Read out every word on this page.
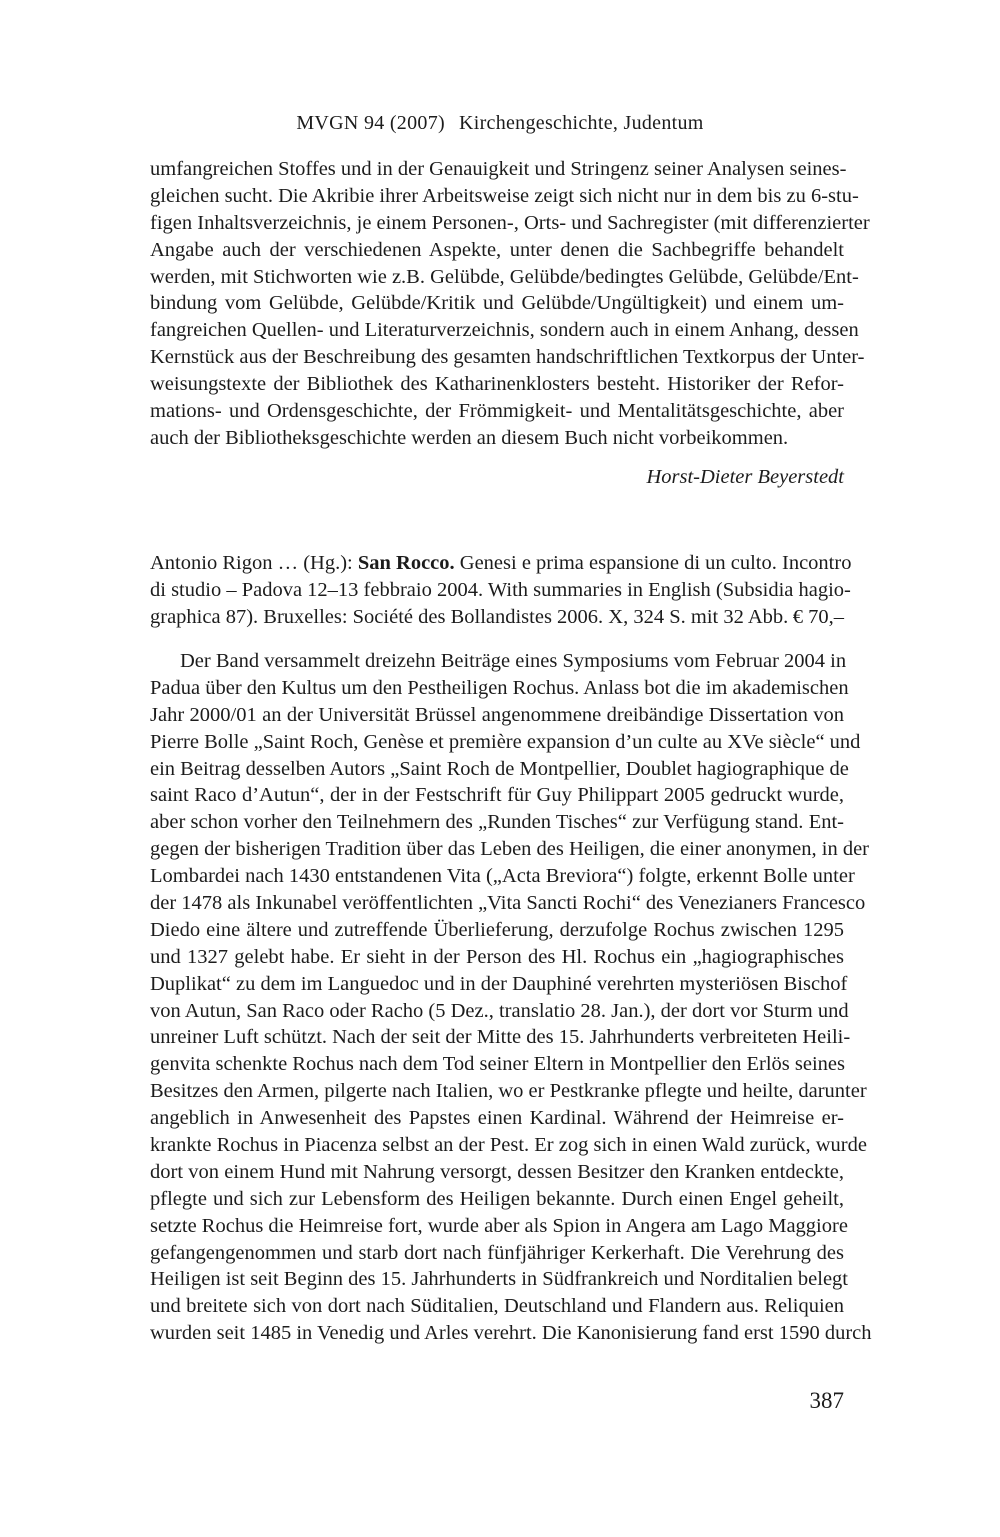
MVGN 94 (2007) Kirchengeschichte, Judentum
umfangreichen Stoffes und in der Genauigkeit und Stringenz seiner Analysen seines-
gleichen sucht. Die Akribie ihrer Arbeitsweise zeigt sich nicht nur in dem bis zu 6-stu-
figen Inhaltsverzeichnis, je einem Personen-, Orts- und Sachregister (mit differenzierter
Angabe auch der verschiedenen Aspekte, unter denen die Sachbegriffe behandelt
werden, mit Stichworten wie z.B. Gelübde, Gelübde/bedingtes Gelübde, Gelübde/Ent-
bindung vom Gelübde, Gelübde/Kritik und Gelübde/Ungültigkeit) und einem um-
fangreichen Quellen- und Literaturverzeichnis, sondern auch in einem Anhang, dessen
Kernstück aus der Beschreibung des gesamten handschriftlichen Textkorpus der Unter-
weisungstexte der Bibliothek des Katharinenklosters besteht. Historiker der Refor-
mations- und Ordensgeschichte, der Frömmigkeit- und Mentalitätsgeschichte, aber
auch der Bibliotheksgeschichte werden an diesem Buch nicht vorbeikommen.
Horst-Dieter Beyerstedt
Antonio Rigon … (Hg.): San Rocco. Genesi e prima espansione di un culto. Incontro
di studio – Padova 12–13 febbraio 2004. With summaries in English (Subsidia hagio-
graphica 87). Bruxelles: Société des Bollandistes 2006. X, 324 S. mit 32 Abb. € 70,–
Der Band versammelt dreizehn Beiträge eines Symposiums vom Februar 2004 in
Padua über den Kultus um den Pestheiligen Rochus. Anlass bot die im akademischen
Jahr 2000/01 an der Universität Brüssel angenommene dreibändige Dissertation von
Pierre Bolle „Saint Roch, Genèse et première expansion d’un culte au XVe siècle“ und
ein Beitrag desselben Autors „Saint Roch de Montpellier, Doublet hagiographique de
saint Raco d’Autun“, der in der Festschrift für Guy Philippart 2005 gedruckt wurde,
aber schon vorher den Teilnehmern des „Runden Tisches“ zur Verfügung stand. Ent-
gegen der bisherigen Tradition über das Leben des Heiligen, die einer anonymen, in der
Lombardei nach 1430 entstandenen Vita („Acta Breviora“) folgte, erkennt Bolle unter
der 1478 als Inkunabel veröffentlichten „Vita Sancti Rochi“ des Venezianers Francesco
Diedo eine ältere und zutreffende Überlieferung, derzufolge Rochus zwischen 1295
und 1327 gelebt habe. Er sieht in der Person des Hl. Rochus ein „hagiographisches
Duplikat“ zu dem im Languedoc und in der Dauphiné verehrten mysteriösen Bischof
von Autun, San Raco oder Racho (5 Dez., translatio 28. Jan.), der dort vor Sturm und
unreiner Luft schützt. Nach der seit der Mitte des 15. Jahrhunderts verbreiteten Heili-
genvita schenkte Rochus nach dem Tod seiner Eltern in Montpellier den Erlös seines
Besitzes den Armen, pilgerte nach Italien, wo er Pestkranke pflegte und heilte, darunter
angeblich in Anwesenheit des Papstes einen Kardinal. Während der Heimreise er-
krankte Rochus in Piacenza selbst an der Pest. Er zog sich in einen Wald zurück, wurde
dort von einem Hund mit Nahrung versorgt, dessen Besitzer den Kranken entdeckte,
pflegte und sich zur Lebensform des Heiligen bekannte. Durch einen Engel geheilt,
setzte Rochus die Heimreise fort, wurde aber als Spion in Angera am Lago Maggiore
gefangengenommen und starb dort nach fünfjähriger Kerkerhaft. Die Verehrung des
Heiligen ist seit Beginn des 15. Jahrhunderts in Südfrankreich und Norditalien belegt
und breitete sich von dort nach Süditalien, Deutschland und Flandern aus. Reliquien
wurden seit 1485 in Venedig und Arles verehrt. Die Kanonisierung fand erst 1590 durch
387
